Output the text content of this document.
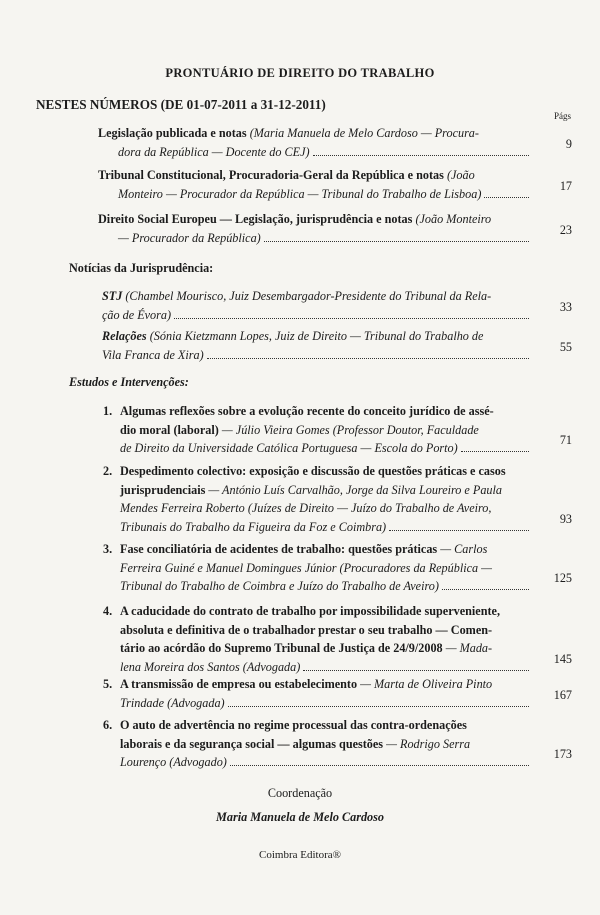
PRONTUÁRIO DE DIREITO DO TRABALHO
NESTES NÚMEROS (DE 01-07-2011 a 31-12-2011)
Págs
Legislação publicada e notas (Maria Manuela de Melo Cardoso — Procura-
dora da República — Docente do CEJ)
9
Tribunal Constitucional, Procuradoria-Geral da República e notas (João
Monteiro — Procurador da República — Tribunal do Trabalho de Lisboa)
17
Direito Social Europeu — Legislação, jurisprudência e notas (João Monteiro
— Procurador da República)
23
Notícias da Jurisprudência:
STJ (Chambel Mourisco, Juiz Desembargador-Presidente do Tribunal da Rela-
ção de Évora)
33
Relações (Sónia Kietzmann Lopes, Juiz de Direito — Tribunal do Trabalho de
Vila Franca de Xira)
55
Estudos e Intervenções:
1. Algumas reflexões sobre a evolução recente do conceito jurídico de assé-
dio moral (laboral) — Júlio Vieira Gomes (Professor Doutor, Faculdade
de Direito da Universidade Católica Portuguesa — Escola do Porto)
71
2. Despedimento colectivo: exposição e discussão de questões práticas e casos
jurisprudenciais — António Luís Carvalhão, Jorge da Silva Loureiro e Paula
Mendes Ferreira Roberto (Juízes de Direito — Juízo do Trabalho de Aveiro,
Tribunais do Trabalho da Figueira da Foz e Coimbra)
93
3. Fase conciliatória de acidentes de trabalho: questões práticas — Carlos
Ferreira Guiné e Manuel Domingues Júnior (Procuradores da República —
Tribunal do Trabalho de Coimbra e Juízo do Trabalho de Aveiro)
125
4. A caducidade do contrato de trabalho por impossibilidade superveniente,
absoluta e definitiva de o trabalhador prestar o seu trabalho — Comen-
tário ao acórdão do Supremo Tribunal de Justiça de 24/9/2008 — Mada-
lena Moreira dos Santos (Advogada)
145
5. A transmissão de empresa ou estabelecimento — Marta de Oliveira Pinto
Trindade (Advogada)
167
6. O auto de advertência no regime processual das contra-ordenações
laborais e da segurança social — algumas questões — Rodrigo Serra
Lourenço (Advogado)
173
Coordenação
Maria Manuela de Melo Cardoso
Coimbra Editora®
